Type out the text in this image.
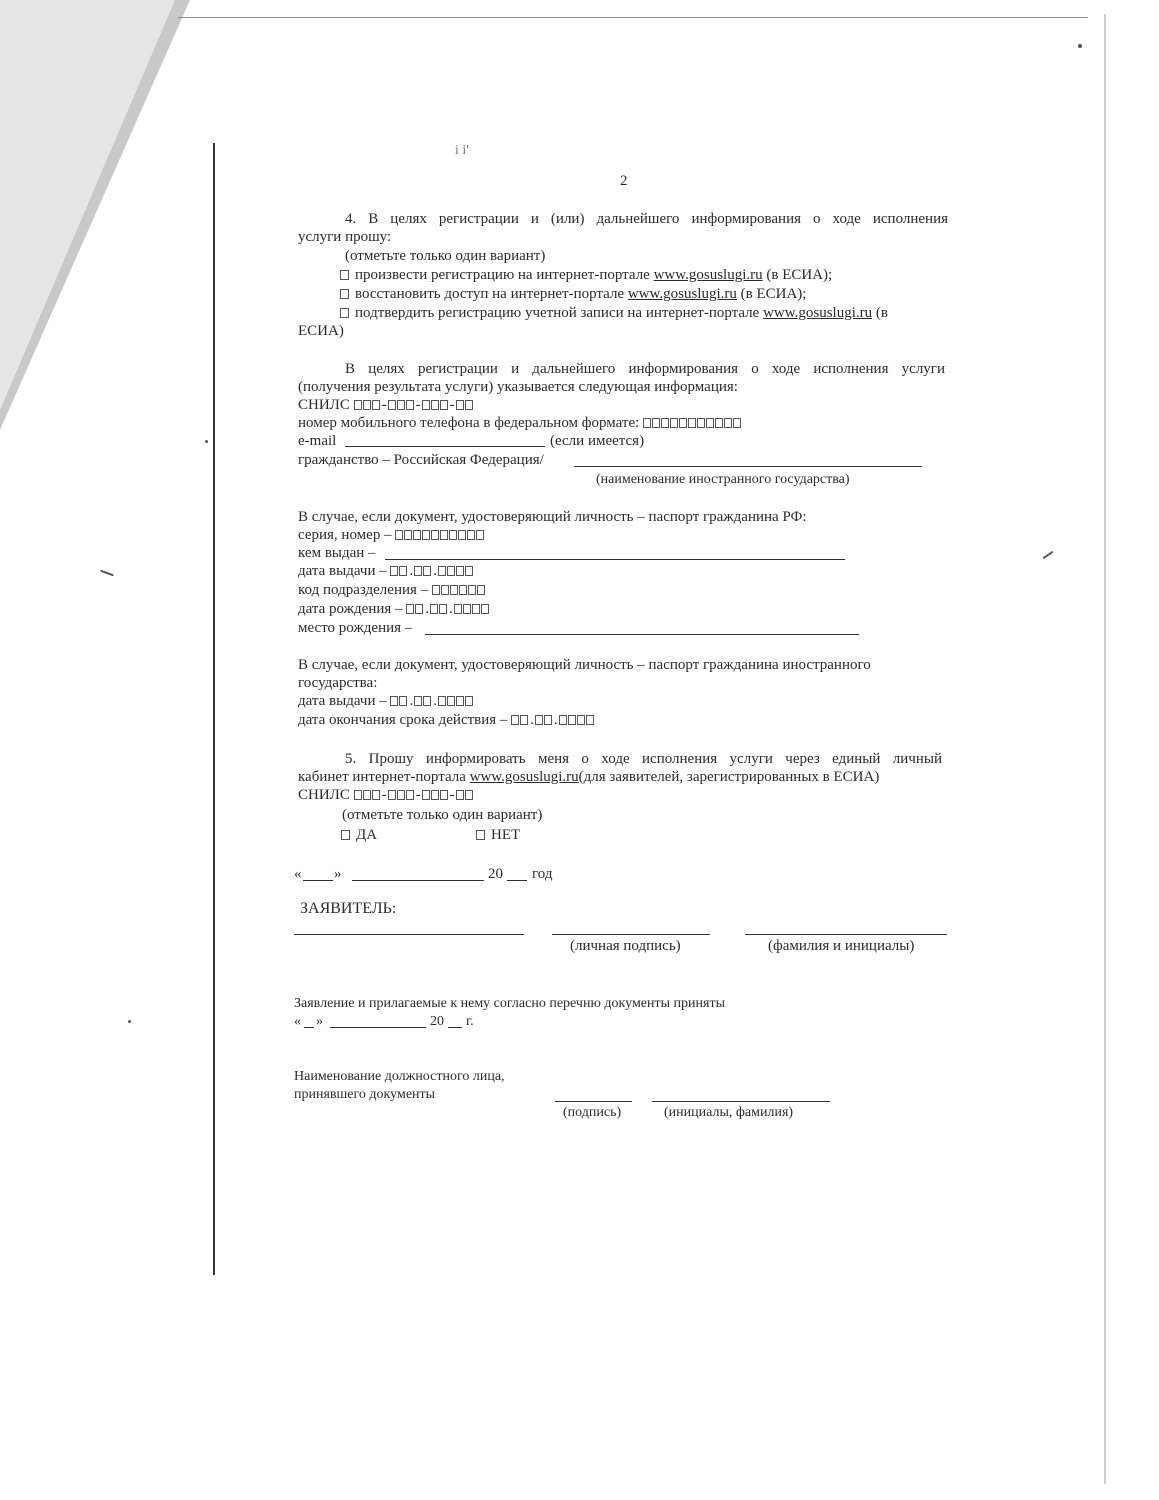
i i'
2
4. В целях регистрации и (или) дальнейшего информирования о ходе исполнения
услуги прошу:
(отметьте только один вариант)
произвести регистрацию на интернет-портале www.gosuslugi.ru (в ЕСИА);
восстановить доступ на интернет-портале www.gosuslugi.ru (в ЕСИА);
подтвердить регистрацию учетной записи на интернет-портале www.gosuslugi.ru (в
ЕСИА)
В целях регистрации и дальнейшего информирования о ходе исполнения услуги
(получения результата услуги) указывается следующая информация:
СНИЛС - - -
номер мобильного телефона в федеральном формате:
e-mail	(если имеется)
гражданство – Российская Федерация/
(наименование иностранного государства)
В случае, если документ, удостоверяющий личность – паспорт гражданина РФ:
серия, номер –
кем выдан –
дата выдачи – . .
код подразделения –
дата рождения – . .
место рождения –
В случае, если документ, удостоверяющий личность – паспорт гражданина иностранного
государства:
дата выдачи – . .
дата окончания срока действия – . .
5. Прошу информировать меня о ходе исполнения услуги через единый личный
кабинет интернет-портала www.gosuslugi.ru(для заявителей, зарегистрированных в ЕСИА)
СНИЛС - - -
(отметьте только один вариант)
ДА	НЕТ
« »	20 год
ЗАЯВИТЕЛЬ:
(личная подпись)	(фамилия и инициалы)
Заявление и прилагаемые к нему согласно перечню документы приняты
« »	20 г.
Наименование должностного лица,
принявшего документы
(подпись)	(инициалы, фамилия)
